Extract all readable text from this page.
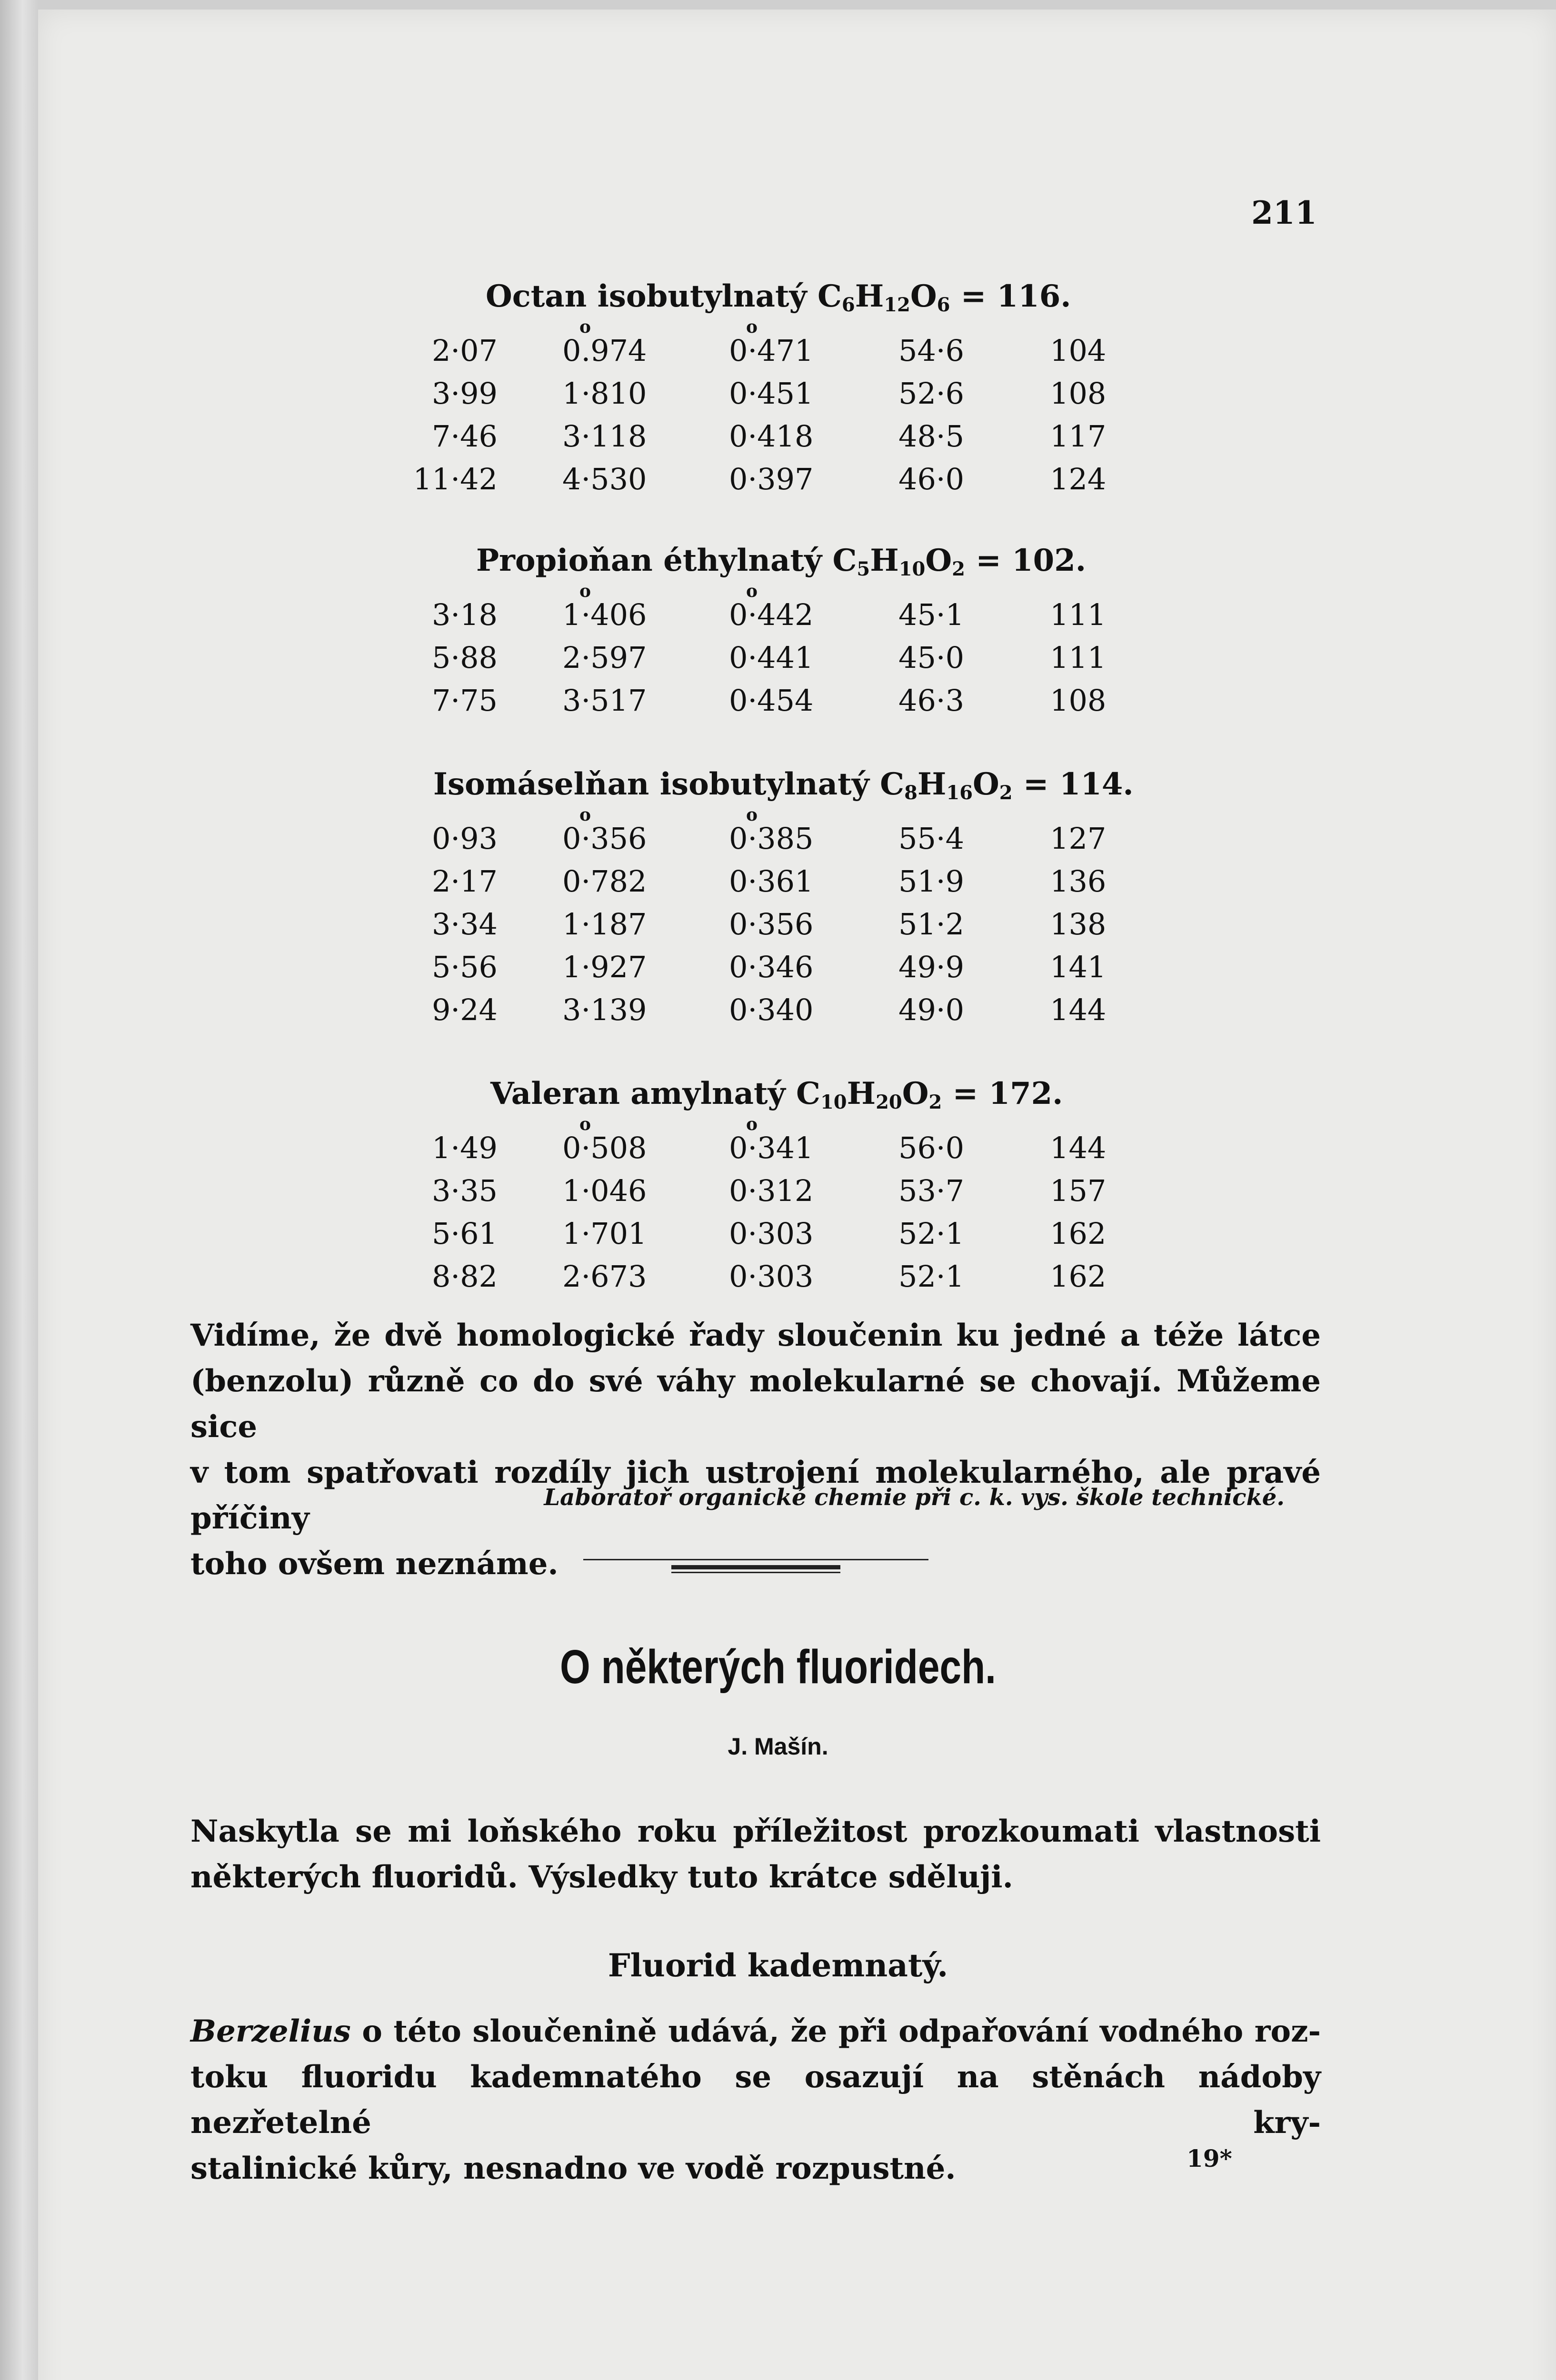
211
Octan isobutylnatý $C_6H_{12}O_6 = 116$.
2·07 0.974	0·471	54·6	104
3·99 1·810	0·451	52·6	108
7·46 3·118	0·418	48·5	117
11·42 4·530	0·397	46·0	124
o	o
Propioňan éthylnatý $C_5H_{10}O_2 = 102$.
3·18 1·406	0·442	45·1	111
5·88 2·597	0·441	45·0	111
7·75 3·517	0·454	46·3	108
o	o
Isomáselňan isobutylnatý $C_8H_{16}O_2 = 114$.
0·93 0·356	0·385	55·4	127
2·17 0·782	0·361	51·9	136
3·34 1·187	0·356	51·2	138
5·56 1·927	0·346	49·9	141
9·24 3·139	0·340	49·0	144
o	o
Valeran amylnatý $C_{10}H_{20}O_2 = 172$.
1·49 0·508	0·341	56·0	144
3·35 1·046	0·312	53·7	157
5·61 1·701	0·303	52·1	162
8·82 2·673	0·303	52·1	162
o	o
Vidíme, že dvě homologické řady sloučenin ku jedné a téže látce
(benzolu) různě co do své váhy molekularné se chovají. Můžeme sice
v tom spatřovati rozdíly jich ustrojení molekularného, ale pravé příčiny
toho ovšem neznáme.
Laboratoř organické chemie při c. k. vys. škole technické.
O některých fluoridech.
J. Mašín.
Naskytla se mi loňského roku příležitost prozkoumati vlastnosti
některých fluoridů. Výsledky tuto krátce sděluji.
Fluorid kademnatý.
Berzelius o této sloučenině udává, že při odpařování vodného roz-
toku fluoridu kademnatého se osazují na stěnách nádoby nezřetelné kry-
stalinické kůry, nesnadno ve vodě rozpustné.	19*
